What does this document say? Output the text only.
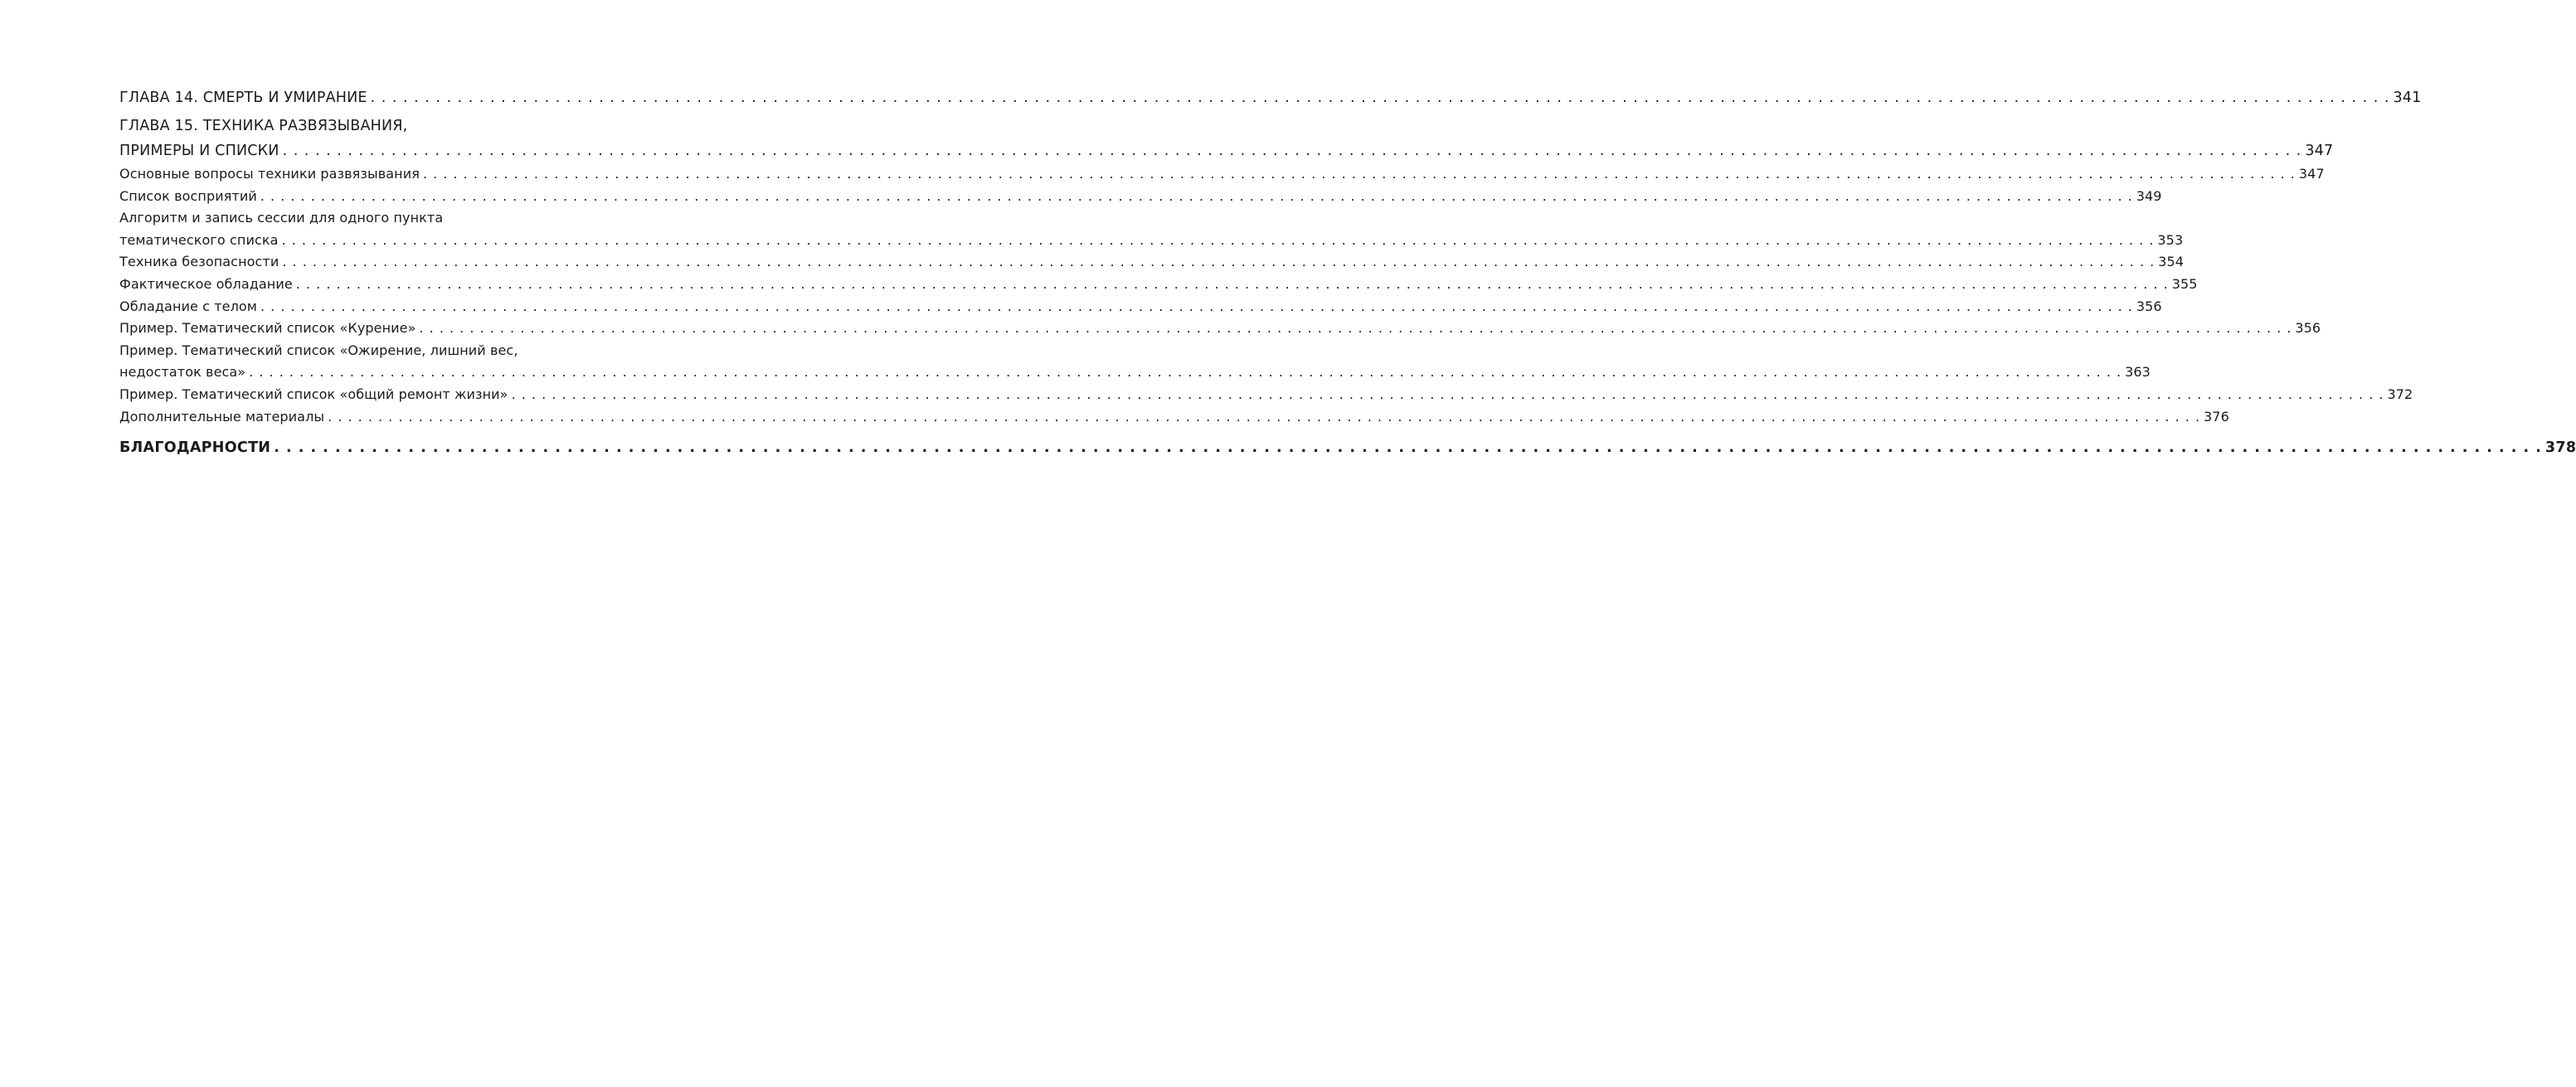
ГЛАВА 14. СМЕРТЬ И УМИРАНИЕ . . .	341
ГЛАВА 15. ТЕХНИКА РАЗВЯЗЫВАНИЯ,
ПРИМЕРЫ И СПИСКИ . . .	347
Основные вопросы техники развязывания . . .	347
Список восприятий . . .	349
Алгоритм и запись сессии для одного пункта
тематического списка . . .	353
Техника безопасности . . .	354
Фактическое обладание . . .	355
Обладание с телом . . .	356
Пример. Тематический список «Курение» . . .	356
Пример. Тематический список «Ожирение, лишний вес,
недостаток веса» . . .	363
Пример. Тематический список «общий ремонт жизни» . . .	372
Дополнительные материалы . . .	376
БЛАГОДАРНОСТИ . . .	378
